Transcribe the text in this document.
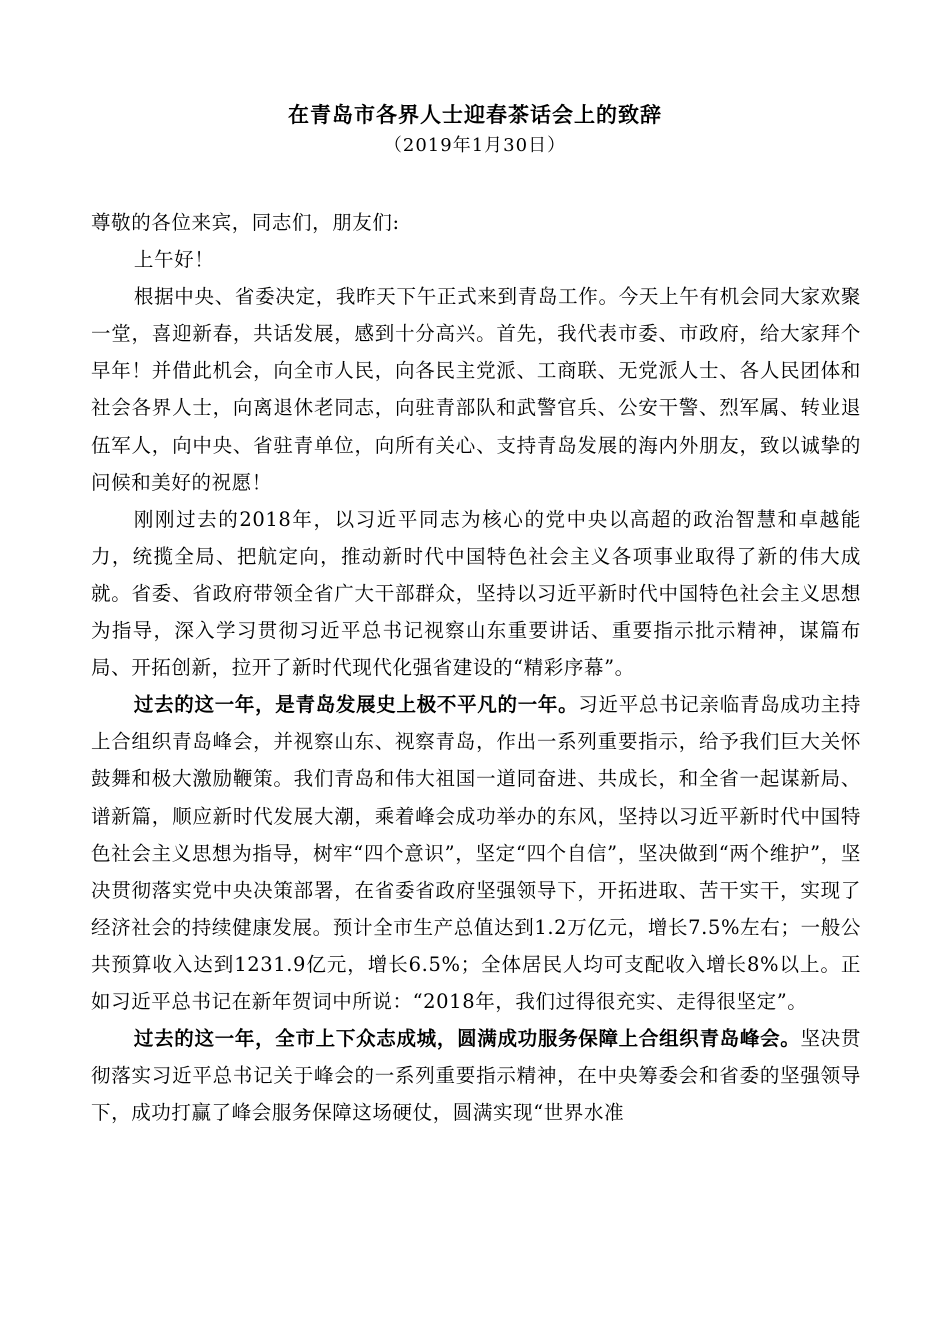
在青岛市各界人士迎春茶话会上的致辞
（2019年1月30日）

尊敬的各位来宾，同志们，朋友们:

上午好！

根据中央、省委决定，我昨天下午正式来到青岛工作。今天上午有机会同大家欢聚一堂，喜迎新春，共话发展，感到十分高兴。首先，我代表市委、市政府，给大家拜个早年！并借此机会，向全市人民，向各民主党派、工商联、无党派人士、各人民团体和社会各界人士，向离退休老同志，向驻青部队和武警官兵、公安干警、烈军属、转业退伍军人，向中央、省驻青单位，向所有关心、支持青岛发展的海内外朋友，致以诚挚的问候和美好的祝愿！

刚刚过去的2018年，以习近平同志为核心的党中央以高超的政治智慧和卓越能力，统揽全局、把航定向，推动新时代中国特色社会主义各项事业取得了新的伟大成就。省委、省政府带领全省广大干部群众，坚持以习近平新时代中国特色社会主义思想为指导，深入学习贯彻习近平总书记视察山东重要讲话、重要指示批示精神，谋篇布局、开拓创新，拉开了新时代现代化强省建设的“精彩序幕”。

过去的这一年，是青岛发展史上极不平凡的一年。习近平总书记亲临青岛成功主持上合组织青岛峰会，并视察山东、视察青岛，作出一系列重要指示，给予我们巨大关怀鼓舞和极大激励鞭策。我们青岛和伟大祖国一道同奋进、共成长，和全省一起谋新局、谱新篇，顺应新时代发展大潮，乘着峰会成功举办的东风，坚持以习近平新时代中国特色社会主义思想为指导，树牢“四个意识”，坚定“四个自信”，坚决做到“两个维护”，坚决贯彻落实党中央决策部署，在省委省政府坚强领导下，开拓进取、苦干实干，实现了经济社会的持续健康发展。预计全市生产总值达到1.2万亿元，增长7.5%左右；一般公共预算收入达到1231.9亿元，增长6.5%；全体居民人均可支配收入增长8%以上。正如习近平总书记在新年贺词中所说：“2018年，我们过得很充实、走得很坚定”。

过去的这一年，全市上下众志成城，圆满成功服务保障上合组织青岛峰会。坚决贯彻落实习近平总书记关于峰会的一系列重要指示精神，在中央筹委会和省委的坚强领导下，成功打赢了峰会服务保障这场硬仗，圆满实现“世界水准
